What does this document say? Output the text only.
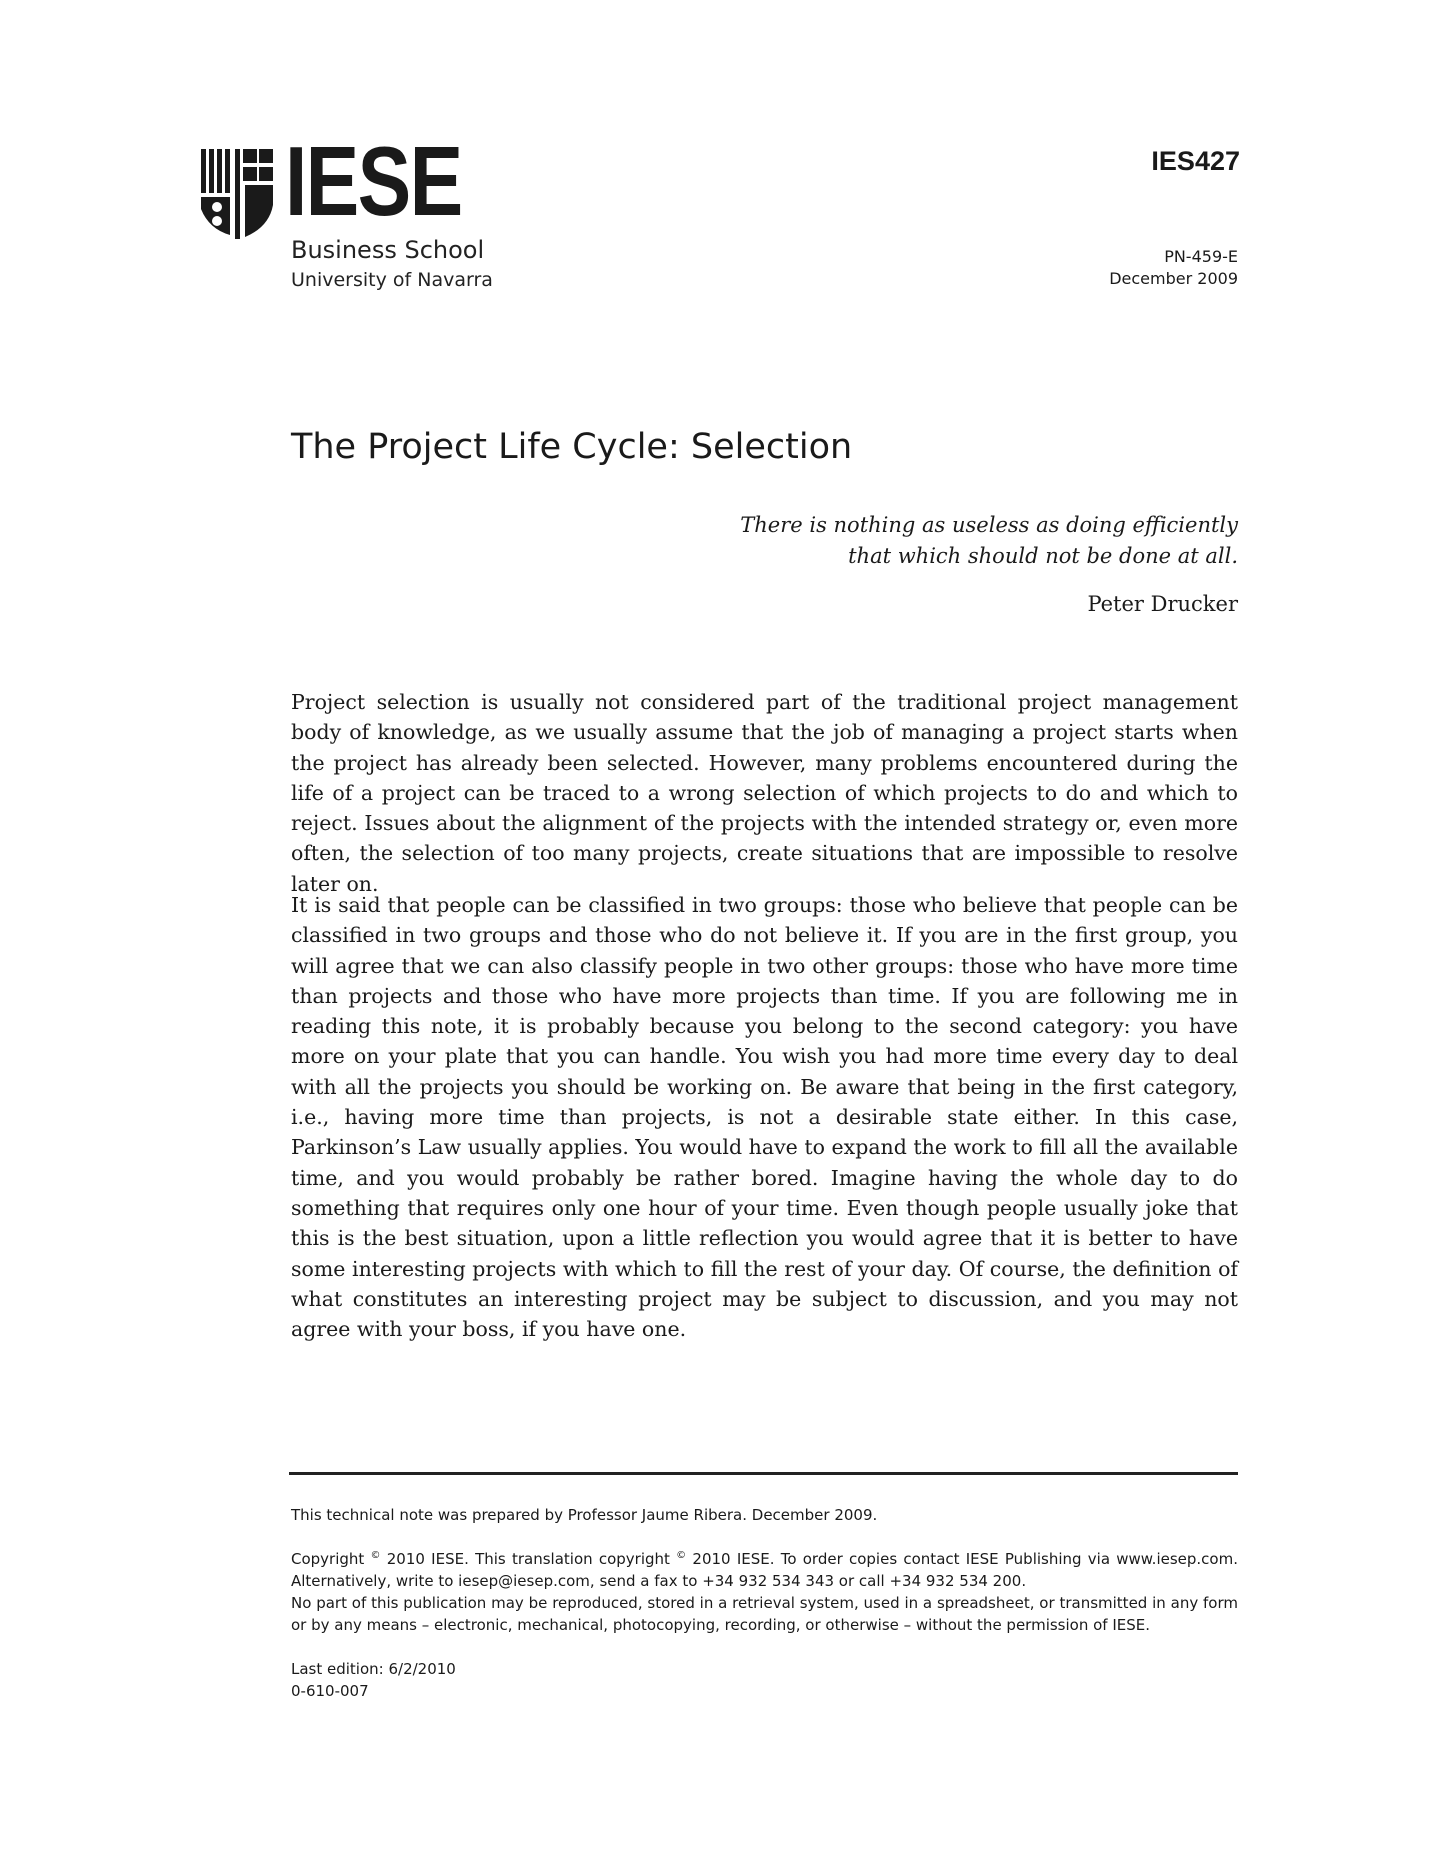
IESE
Business School
University of Navarra
IES427
PN-459-E
December 2009
The Project Life Cycle: Selection
There is nothing as useless as doing efficiently
that which should not be done at all.
Peter Drucker

Project selection is usually not considered part of the traditional project management body of knowledge, as we usually assume that the job of managing a project starts when the project has already been selected. However, many problems encountered during the life of a project can be traced to a wrong selection of which projects to do and which to reject. Issues about the alignment of the projects with the intended strategy or, even more often, the selection of too many projects, create situations that are impossible to resolve later on.

It is said that people can be classified in two groups: those who believe that people can be classified in two groups and those who do not believe it. If you are in the first group, you will agree that we can also classify people in two other groups: those who have more time than projects and those who have more projects than time. If you are following me in reading this note, it is probably because you belong to the second category: you have more on your plate that you can handle. You wish you had more time every day to deal with all the projects you should be working on. Be aware that being in the first category, i.e., having more time than projects, is not a desirable state either. In this case, Parkinson’s Law usually applies. You would have to expand the work to fill all the available time, and you would probably be rather bored. Imagine having the whole day to do something that requires only one hour of your time. Even though people usually joke that this is the best situation, upon a little reflection you would agree that it is better to have some interesting projects with which to fill the rest of your day. Of course, the definition of what constitutes an interesting project may be subject to discussion, and you may not agree with your boss, if you have one.

This technical note was prepared by Professor Jaume Ribera. December 2009.

Copyright © 2010 IESE. This translation copyright © 2010 IESE. To order copies contact IESE Publishing via www.iesep.com. Alternatively, write to iesep@iesep.com, send a fax to +34 932 534 343 or call +34 932 534 200.
No part of this publication may be reproduced, stored in a retrieval system, used in a spreadsheet, or transmitted in any form or by any means – electronic, mechanical, photocopying, recording, or otherwise – without the permission of IESE.
Last edition: 6/2/2010
0-610-007
